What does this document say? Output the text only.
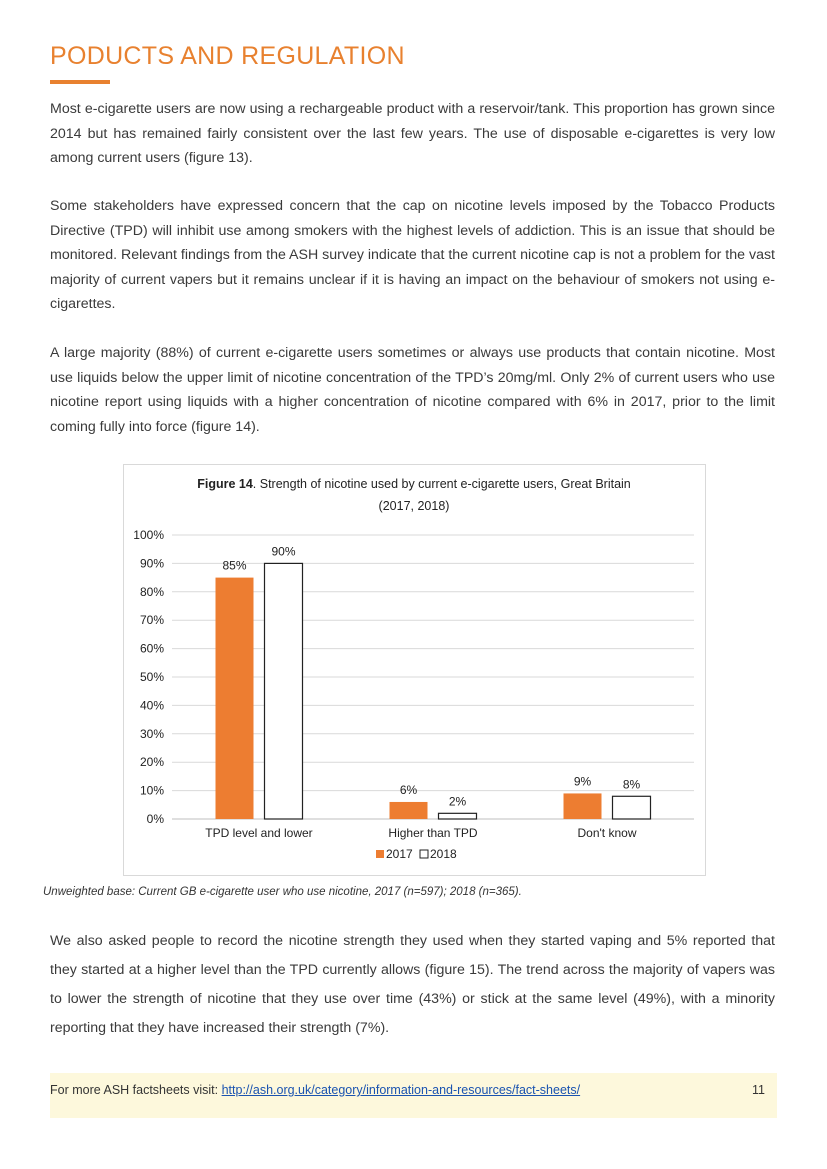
PODUCTS AND REGULATION

Most e-cigarette users are now using a rechargeable product with a reservoir/tank. This proportion has grown since 2014 but has remained fairly consistent over the last few years. The use of disposable e-cigarettes is very low among current users (figure 13).

Some stakeholders have expressed concern that the cap on nicotine levels imposed by the Tobacco Products Directive (TPD) will inhibit use among smokers with the highest levels of addiction. This is an issue that should be monitored. Relevant findings from the ASH survey indicate that the current nicotine cap is not a problem for the vast majority of current vapers but it remains unclear if it is having an impact on the behaviour of smokers not using e-cigarettes.

A large majority (88%) of current e-cigarette users sometimes or always use products that contain nicotine. Most use liquids below the upper limit of nicotine concentration of the TPD’s 20mg/ml. Only 2% of current users who use nicotine report using liquids with a higher concentration of nicotine compared with 6% in 2017, prior to the limit coming fully into force (figure 14).

Figure 14. Strength of nicotine used by current e-cigarette users, Great Britain (2017, 2018)
0%
10%
20%
30%
40%
50%
60%
70%
80%
90%
100%
85%
90%
TPD level and lower
6%
2%
Higher than TPD
9%	8%
Don't know
2017 2018
Unweighted base: Current GB e-cigarette user who use nicotine, 2017 (n=597); 2018 (n=365).

We also asked people to record the nicotine strength they used when they started vaping and 5% reported that they started at a higher level than the TPD currently allows (figure 15). The trend across the majority of vapers was to lower the strength of nicotine that they use over time (43%) or stick at the same level (49%), with a minority reporting that they have increased their strength (7%).

For more ASH factsheets visit: http://ash.org.uk/category/information-and-resources/fact-sheets/	11
